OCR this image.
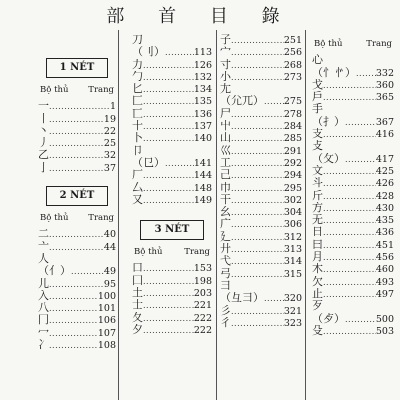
部 首 目 錄
1 NÉT
Bộ thủ Trang
一 .....	1
丨 .....	19
丶 .....	22
丿 .....	25
乙 .....	32
亅 .....	37
2 NÉT
Bộ thủ Trang
二 .....	40
亠 .....	44
人
（亻） .....	49
儿 .....	95
入 .....	100
八 .....	101
冂 .....	106
冖 .....	107
冫 .....	108
刀
（刂） .....	113
力 .....	126
勹 .....	132
匕 .....	134
匚 .....	135
匸 .....	136
十 .....	137
卜 .....	140
卩
（㔾） .....	141
厂 .....	144
厶 .....	148
又 .....	149
3 NÉT
Bộ thủ	Trang
口 .....	153
囗 .....	198
土 .....	203
士 .....	221
夂 .....	222
夕 .....	222
子 .....	251
宀 .....	256
寸 .....	268
小 .....	273
尢
（尣兀） ..... 275
尸 .....	278
屮 .....	284
山 .....	285
巛 .....	291
工 .....	292
己 .....	294
巾 .....	295
干 .....	302
幺 .....	304
广 .....	306
廴 .....	312
廾 .....	313
弋 .....	314
弓 .....	315
彐
（彑彐） ..... 320
彡 .....	321
彳 .....	323
Bộ thủ	Trang
心
（忄㣺） ..... 332
戈 .....	360
戶 .....	365
手
（扌） .....	367
支 .....	416
攴
（攵） .....	417
文 .....	425
斗 .....	426
斤 .....	428
方 .....	430
无 .....	435
日 .....	436
曰 .....	451
月 .....	456
木 .....	460
欠 .....	493
止 .....	497
歹
（歺） .....	500
殳 .....	503
